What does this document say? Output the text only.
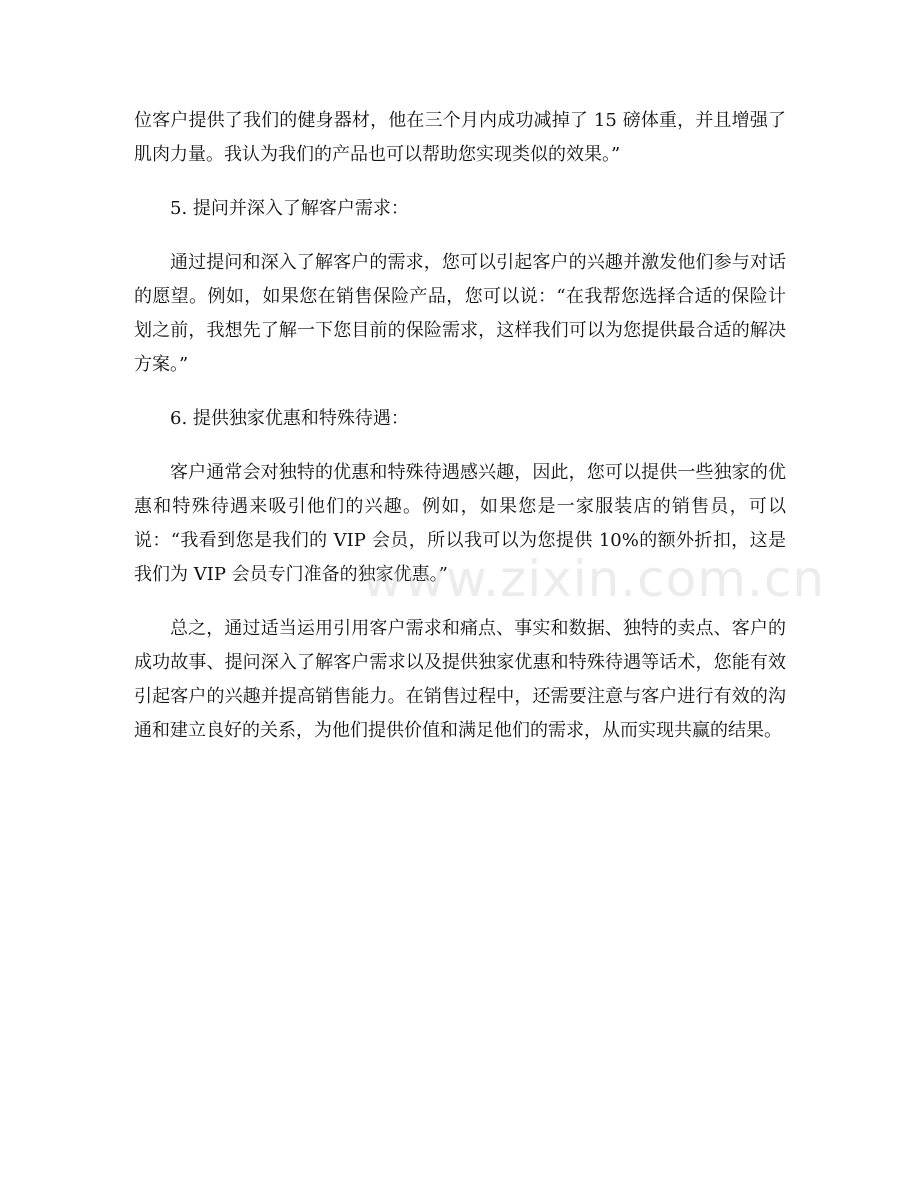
位客户提供了我们的健身器材，他在三个月内成功减掉了 15 磅体重，并且增强了肌肉力量。我认为我们的产品也可以帮助您实现类似的效果。”

5. 提问并深入了解客户需求：

通过提问和深入了解客户的需求，您可以引起客户的兴趣并激发他们参与对话的愿望。例如，如果您在销售保险产品，您可以说：“在我帮您选择合适的保险计划之前，我想先了解一下您目前的保险需求，这样我们可以为您提供最合适的解决方案。”

6. 提供独家优惠和特殊待遇：

客户通常会对独特的优惠和特殊待遇感兴趣，因此，您可以提供一些独家的优惠和特殊待遇来吸引他们的兴趣。例如，如果您是一家服装店的销售员，可以说：“我看到您是我们的 VIP 会员，所以我可以为您提供 10%的额外折扣，这是我们为 VIP 会员专门准备的独家优惠。”

总之，通过适当运用引用客户需求和痛点、事实和数据、独特的卖点、客户的成功故事、提问深入了解客户需求以及提供独家优惠和特殊待遇等话术，您能有效引起客户的兴趣并提高销售能力。在销售过程中，还需要注意与客户进行有效的沟通和建立良好的关系，为他们提供价值和满足他们的需求，从而实现共赢的结果。

www.zixin.com.cn
